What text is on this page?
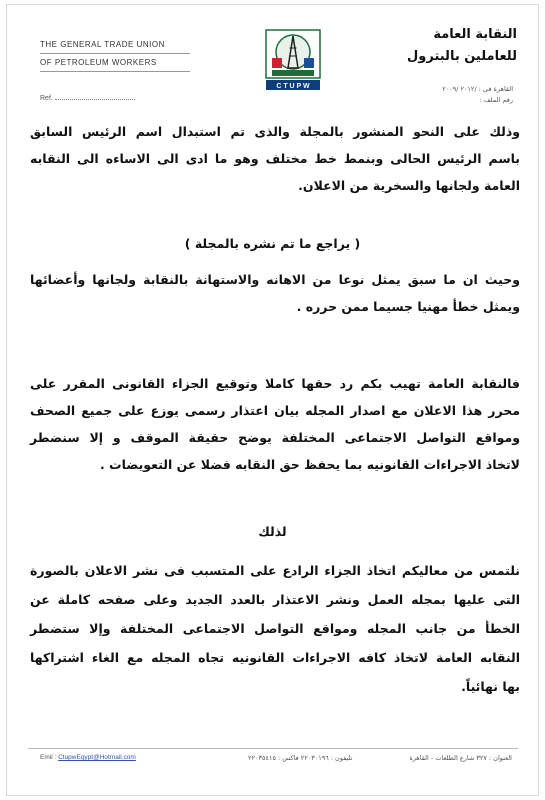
THE GENERAL TRADE UNION
OF PETROLEUM WORKERS
C T U P W
النقابة العامة
للعاملين بالبترول
القاهرة فى : /٢٠١٢ /٢٠٠٩
رقم الملف :
Ref.
وذلك على النحو المنشور بالمجلة والذى تم استبدال اسم الرئيس السابق
باسم الرئيس الحالى وبنمط خط مختلف وهو ما ادى الى الاساءه الى النقابه
العامة ولجانها والسخرية من الاعلان.
( يراجع ما تم نشره بالمجلة )
وحيث ان ما سبق يمثل نوعا من الاهانه والاستهانة بالنقابة ولجانها وأعضائها
ويمثل خطأ مهنيا جسيما ممن حرره .
فالنقابة العامة تهيب بكم رد حقها كاملا وتوقيع الجزاء القانونى المقرر على
محرر هذا الاعلان مع اصدار المجله بيان اعتذار رسمى يوزع على جميع الصحف
ومواقع التواصل الاجتماعى المختلفة يوضح حقيقة الموقف و إلا سنضطر
لاتخاذ الاجراءات القانونيه بما يحفظ حق النقابه فضلا عن التعويضات .
لذلك
نلتمس من معاليكم اتخاذ الجزاء الرادع على المتسبب فى نشر الاعلان بالصورة
التى عليها بمجله العمل ونشر الاعتذار بالعدد الجديد وعلى صفحه كاملة عن
الخطأ من جانب المجله ومواقع التواصل الاجتماعى المختلفة وإلا ستضطر
النقابه العامة لاتخاذ كافه الاجراءات القانونيه تجاه المجله مع الغاء اشتراكها
بها نهائياً.
Emil : CtupwEgypt@Hotmail.com	تليفون : ٢٢٠٣٠١٩٦ فاكس : ٢٢٠٣٥٤١٥	العنوان : ٣٢٧ شارع الطلعات - القاهرة
